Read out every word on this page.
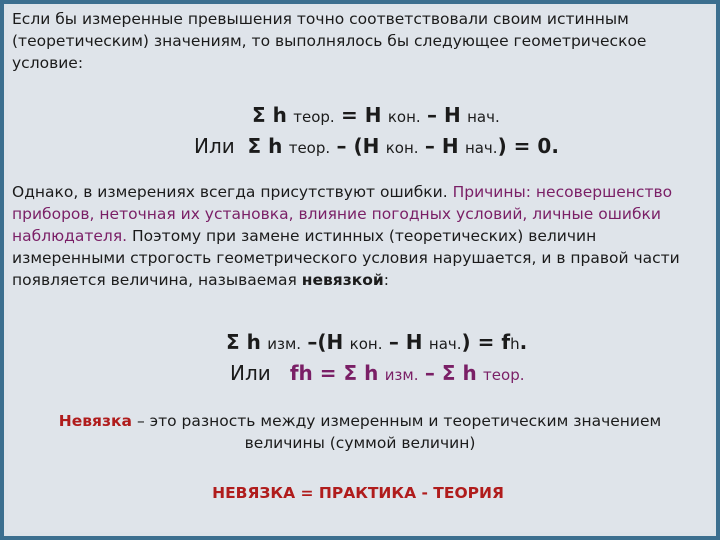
Если бы измеренные превышения точно соответствовали своим истинным (теоретическим) значениям, то выполнялось бы следующее геометрическое условие:
Σ h теор. = H кон. – H нач.
Или Σ h теор. – (H кон. – H нач.) = 0.
Однако, в измерениях всегда присутствуют ошибки. Причины: несовершенство приборов, неточная их установка, влияние погодных условий, личные ошибки наблюдателя. Поэтому при замене истинных (теоретических) величин измеренными строгость геометрического условия нарушается, и в правой части появляется величина, называемая невязкой:
Σ h изм. –(H кон. – H нач.) = fh.
Или fh = Σ h изм. – Σ h теор.
Невязка – это разность между измеренным и теоретическим значением величины (суммой величин)
НЕВЯЗКА = ПРАКТИКА - ТЕОРИЯ
